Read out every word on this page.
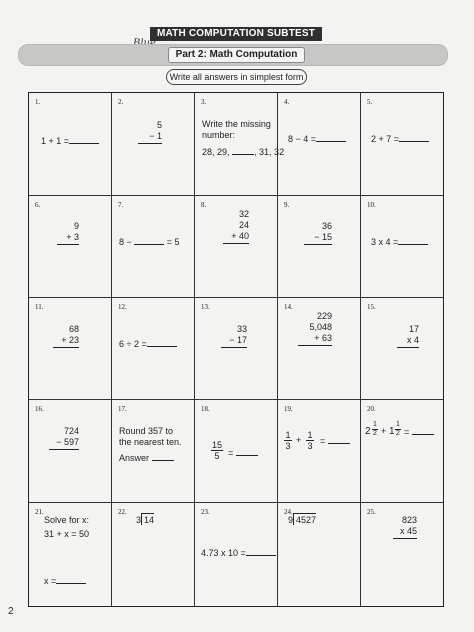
MATH COMPUTATION SUBTEST
Part 2: Math Computation
Write all answers in simplest form
1.
1 + 1 =
2.
5
− 1
3.
Write the missing
number:
28, 29,	, 31, 32
4.
8 − 4 =
5.
2 + 7 =
6.
9
+ 3
7.
8 −	= 5
8.
32
24
+ 40
9.
36
− 15
10.
3 x 4 =
11.
68
+ 23
12.
6 ÷ 2 =
13.
33
− 17
14.
229
5,048
+ 63
15.
17
x 4
16.
724
− 597
17.
Round 357 to
the nearest ten.
Answer
18.
$\frac{15}{5}$ =
19.
$\frac{1}{3} + \frac{1}{3}$ =
20.
$2 \frac{1}{2} + 1 \frac{1}{2}$ =
21.
Solve for x:
31 + x = 50
x =
22.
3 14
23.
4.73 x 10 =
24.
9 4527
25.
823
x 45
2
